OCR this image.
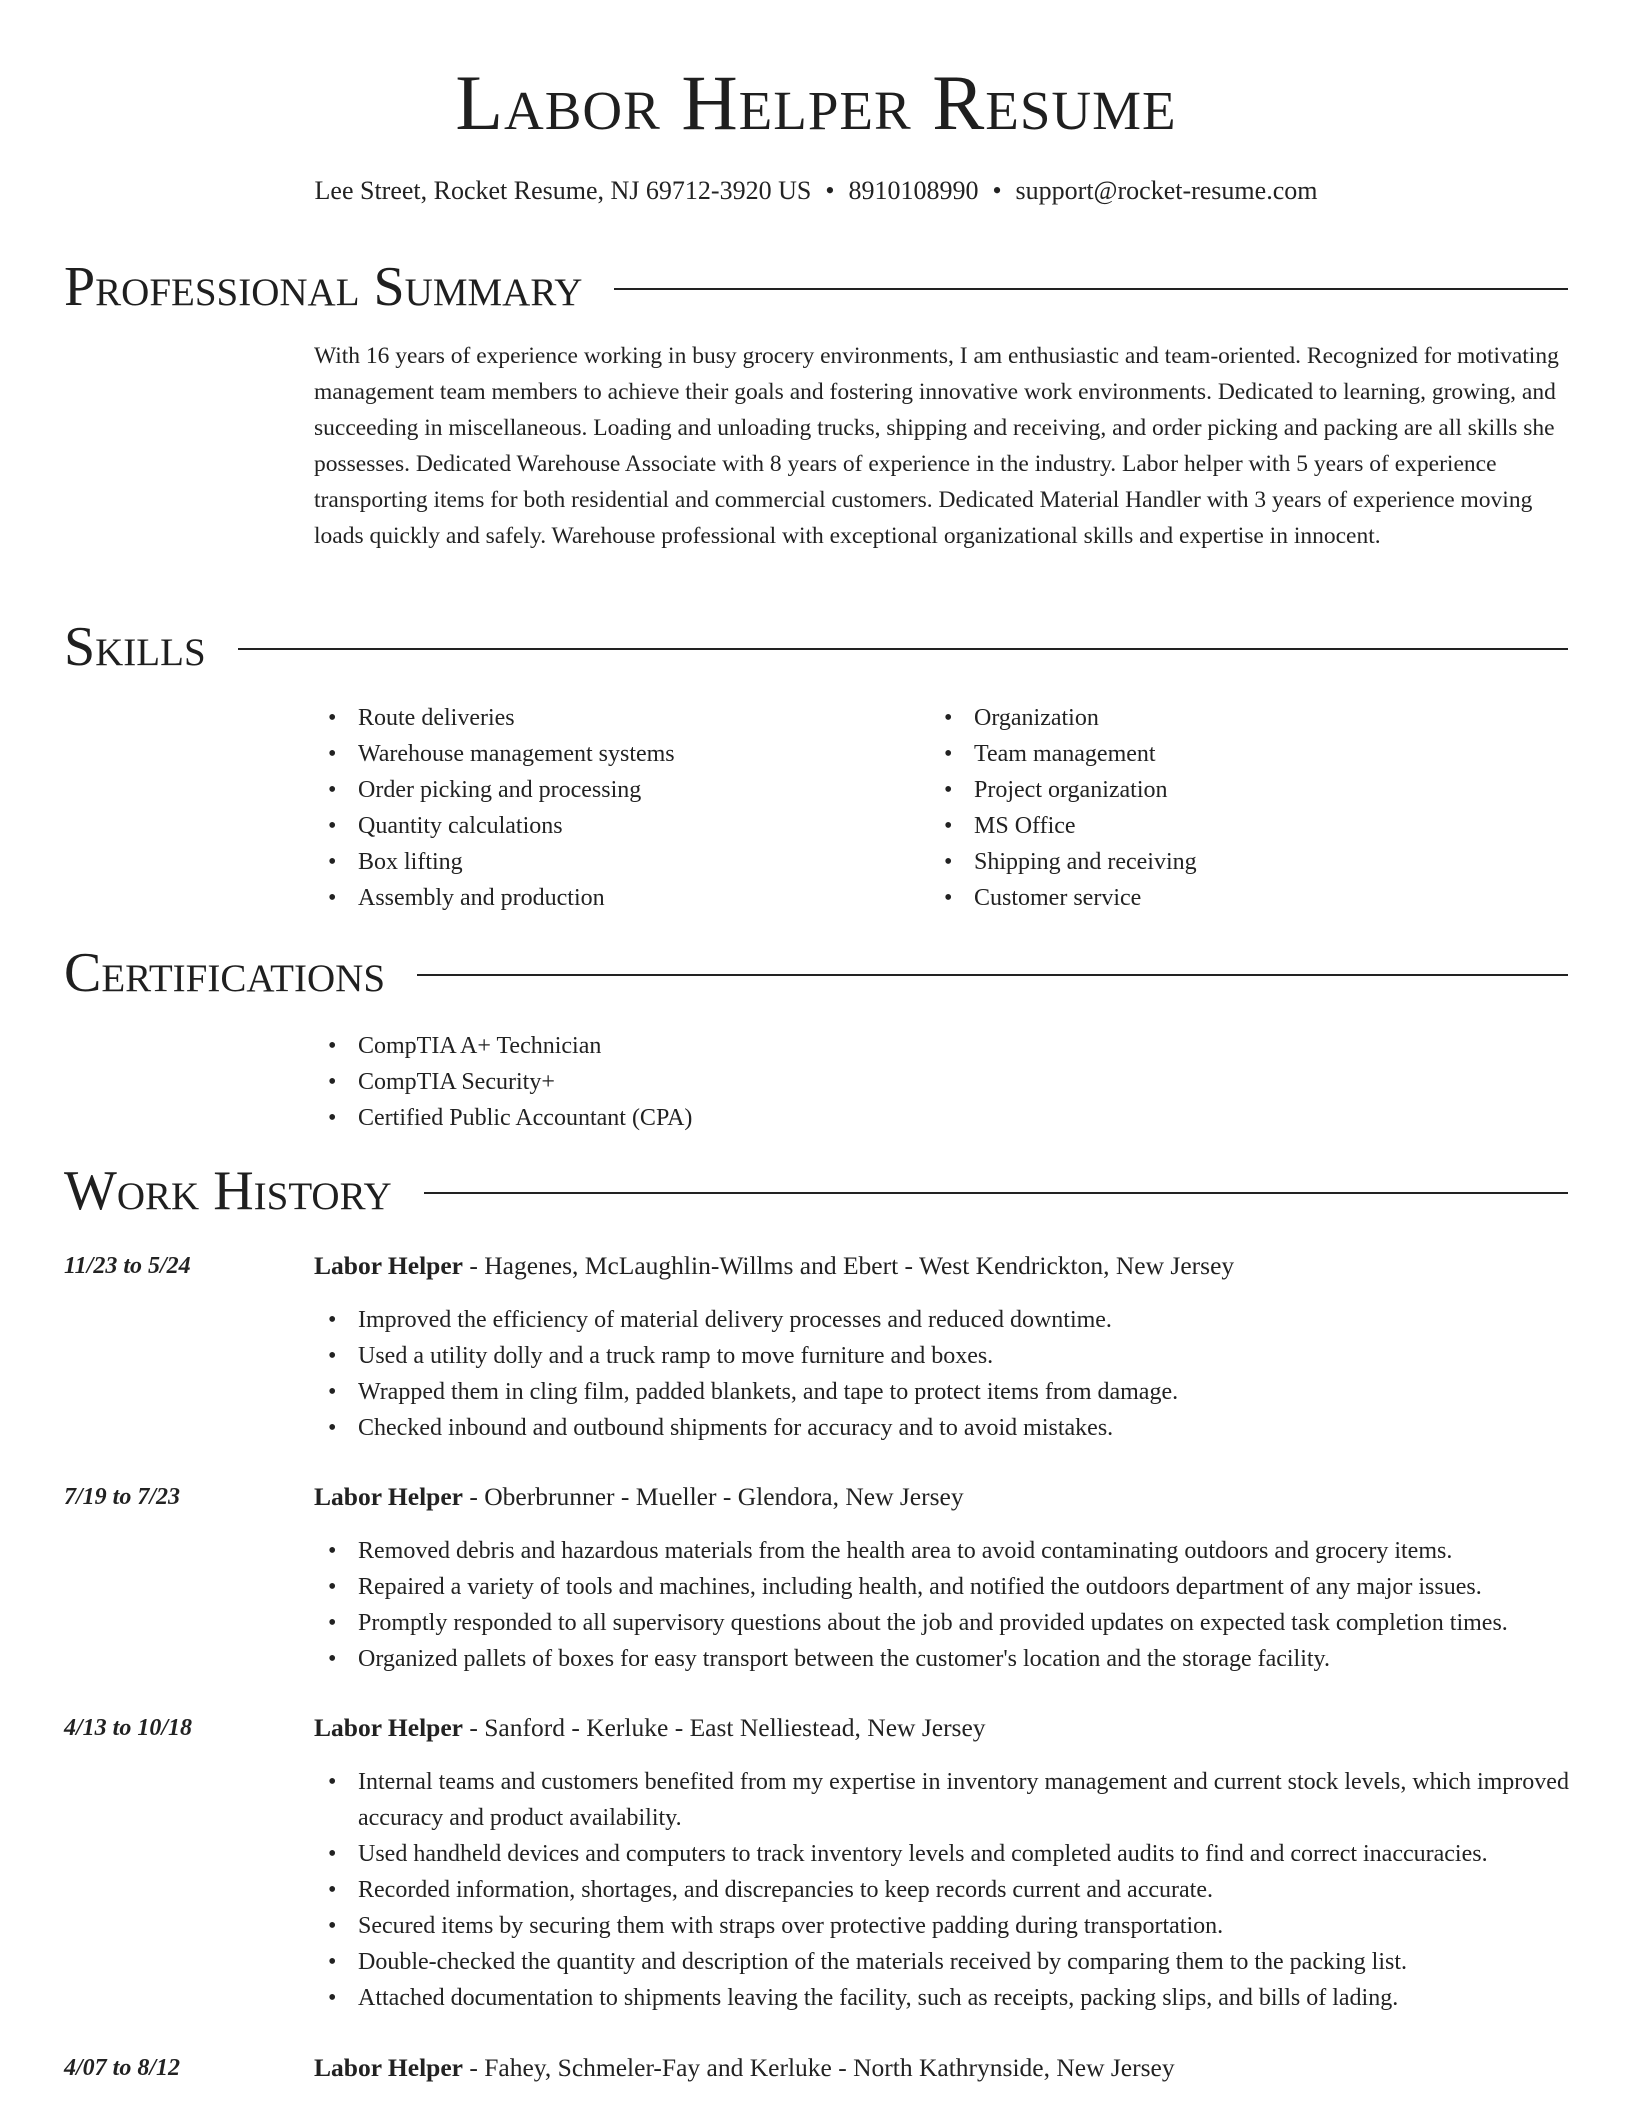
Labor Helper Resume
Lee Street, Rocket Resume, NJ 69712-3920 US • 8910108990 • support@rocket-resume.com
Professional Summary

With 16 years of experience working in busy grocery environments, I am enthusiastic and team-oriented. Recognized for motivating management team members to achieve their goals and fostering innovative work environments. Dedicated to learning, growing, and succeeding in miscellaneous. Loading and unloading trucks, shipping and receiving, and order picking and packing are all skills she possesses. Dedicated Warehouse Associate with 8 years of experience in the industry. Labor helper with 5 years of experience transporting items for both residential and commercial customers. Dedicated Material Handler with 3 years of experience moving loads quickly and safely. Warehouse professional with exceptional organizational skills and expertise in innocent.

Skills
• Route deliveries
• Warehouse management systems
• Order picking and processing
• Quantity calculations
• Box lifting
• Assembly and production
• Organization
• Team management
• Project organization
• MS Office
• Shipping and receiving
• Customer service
Certifications
• CompTIA A+ Technician
• CompTIA Security+
• Certified Public Accountant (CPA)
Work History
11/23 to 5/24	Labor Helper - Hagenes, McLaughlin-Willms and Ebert - West Kendrickton, New Jersey
• Improved the efficiency of material delivery processes and reduced downtime.
• Used a utility dolly and a truck ramp to move furniture and boxes.
• Wrapped them in cling film, padded blankets, and tape to protect items from damage.
• Checked inbound and outbound shipments for accuracy and to avoid mistakes.
7/19 to 7/23	Labor Helper - Oberbrunner - Mueller - Glendora, New Jersey
• Removed debris and hazardous materials from the health area to avoid contaminating outdoors and grocery items.
• Repaired a variety of tools and machines, including health, and notified the outdoors department of any major issues.
• Promptly responded to all supervisory questions about the job and provided updates on expected task completion times.
• Organized pallets of boxes for easy transport between the customer's location and the storage facility.
4/13 to 10/18	Labor Helper - Sanford - Kerluke - East Nelliestead, New Jersey
• Internal teams and customers benefited from my expertise in inventory management and current stock levels, which improved accuracy and product availability.
• Used handheld devices and computers to track inventory levels and completed audits to find and correct inaccuracies.
• Recorded information, shortages, and discrepancies to keep records current and accurate.
• Secured items by securing them with straps over protective padding during transportation.
• Double-checked the quantity and description of the materials received by comparing them to the packing list.
• Attached documentation to shipments leaving the facility, such as receipts, packing slips, and bills of lading.
4/07 to 8/12	Labor Helper - Fahey, Schmeler-Fay and Kerluke - North Kathrynside, New Jersey
